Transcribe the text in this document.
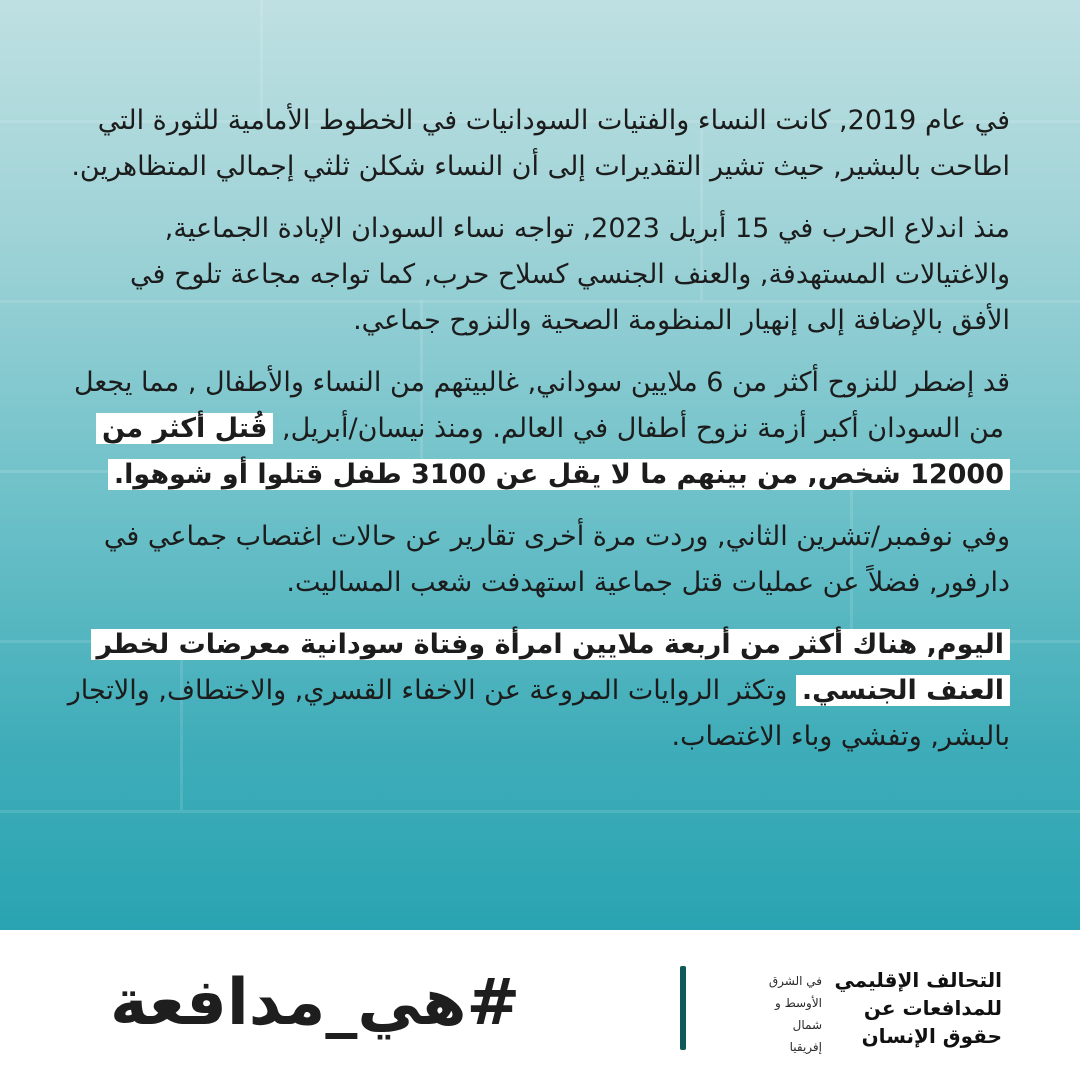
في عام 2019, كانت النساء والفتيات السودانيات في الخطوط الأمامية للثورة التي اطاحت بالبشير, حيث تشير التقديرات إلى أن النساء شكلن ثلثي إجمالي المتظاهرين.

منذ اندلاع الحرب في 15 أبريل 2023, تواجه نساء السودان الإبادة الجماعية, والاغتيالات المستهدفة, والعنف الجنسي كسلاح حرب, كما تواجه مجاعة تلوح في الأفق بالإضافة إلى إنهيار المنظومة الصحية والنزوح جماعي.

قد إضطر للنزوح أكثر من 6 ملايين سوداني, غالبيتهم من النساء والأطفال , مما يجعل من السودان أكبر أزمة نزوح أطفال في العالم. ومنذ نيسان/أبريل, قُتل أكثر من 12000 شخص, من بينهم ما لا يقل عن 3100 طفل قتلوا أو شوهوا.

وفي نوفمبر/تشرين الثاني, وردت مرة أخرى تقارير عن حالات اغتصاب جماعي في دارفور, فضلاً عن عمليات قتل جماعية استهدفت شعب المساليت.

اليوم, هناك أكثر من أربعة ملايين امرأة وفتاة سودانية معرضات لخطر العنف الجنسي. وتكثر الروايات المروعة عن الاخفاء القسري, والاختطاف, والاتجار بالبشر, وتفشي وباء الاغتصاب.

#هي_مدافعة	في الشرق
الأوسط و
شمال
إفريقيا
التحالف الإقليمي
للمدافعات عن
حقوق الإنسان
